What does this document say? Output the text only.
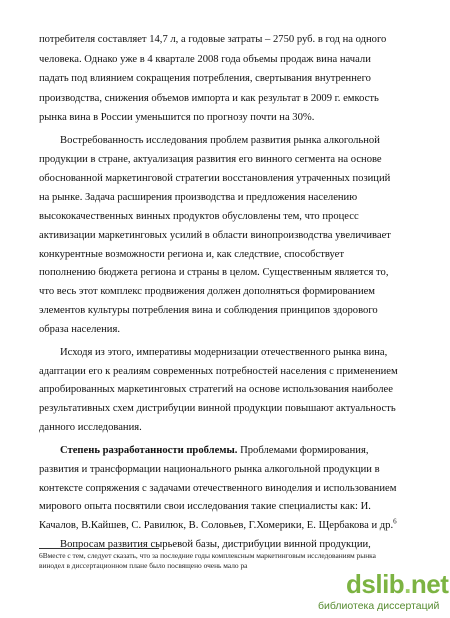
потребителя составляет 14,7 л, а годовые затраты – 2750 руб. в год на одного
человека. Однако уже в 4 квартале 2008 года объемы продаж вина начали
падать под влиянием сокращения потребления, свертывания внутреннего
производства, снижения объемов импорта и как результат в 2009 г. емкость
рынка вина в России уменьшится по прогнозу почти на 30%.
Востребованность исследования проблем развития рынка алкогольной
продукции в стране, актуализация развития его винного сегмента на основе
обоснованной маркетинговой стратегии восстановления утраченных позиций
на рынке. Задача расширения производства и предложения населению
высококачественных винных продуктов обусловлены тем, что процесс
активизации маркетинговых усилий в области винопроизводства увеличивает
конкурентные возможности региона и, как следствие, способствует
пополнению бюджета региона и страны в целом. Существенным является то,
что весь этот комплекс продвижения должен дополняться формированием
элементов культуры потребления вина и соблюдения принципов здорового
образа населения.
Исходя из этого, императивы модернизации отечественного рынка вина,
адаптации его к реалиям современных потребностей населения с применением
апробированных маркетинговых стратегий на основе использования наиболее
результативных схем дистрибуции винной продукции повышают актуальность
данного исследования.
Степень разработанности проблемы. Проблемами формирования,
развития и трансформации национального рынка алкогольной продукции в
контексте сопряжения с задачами отечественного виноделия и использованием
мирового опыта посвятили свои исследования такие специалисты как: И.
Качалов, В.Кайшев, С. Равилюк, В. Соловьев, Г.Хомерики, Е. Щербакова и др.$^6$
Вопросам развития сырьевой базы, дистрибуции винной продукции,
6Вместе с тем, следует сказать, что за последние годы комплексным маркетинговым исследованиям рынка
винодел в диссертационном плане было посвящено очень мало ра
dslib.net
библиотека диссертаций
